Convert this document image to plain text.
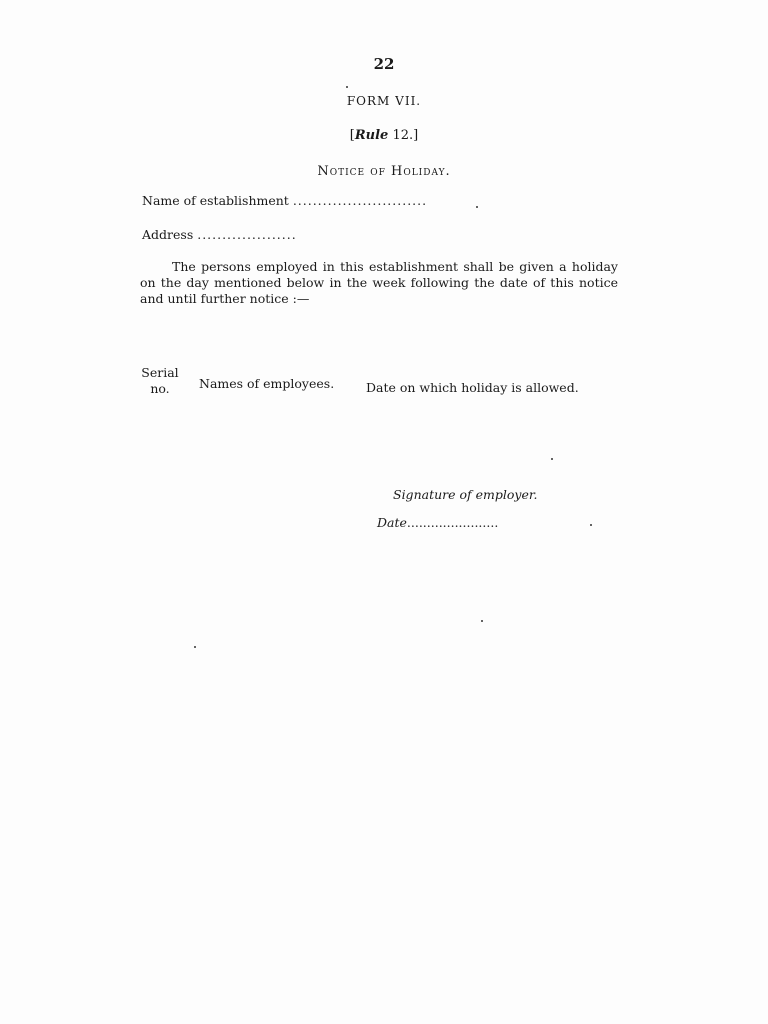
22
FORM VII.
[Rule 12.]
Notice of Holiday.
Name of establishment ...........................
Address ....................
The persons employed in this establishment shall be given a holiday on the day mentioned below in the week following the date of this notice and until further notice :—
Serial
no.	Names of employees.	Date on which holiday is allowed.
Signature of employer.
Date.......................
